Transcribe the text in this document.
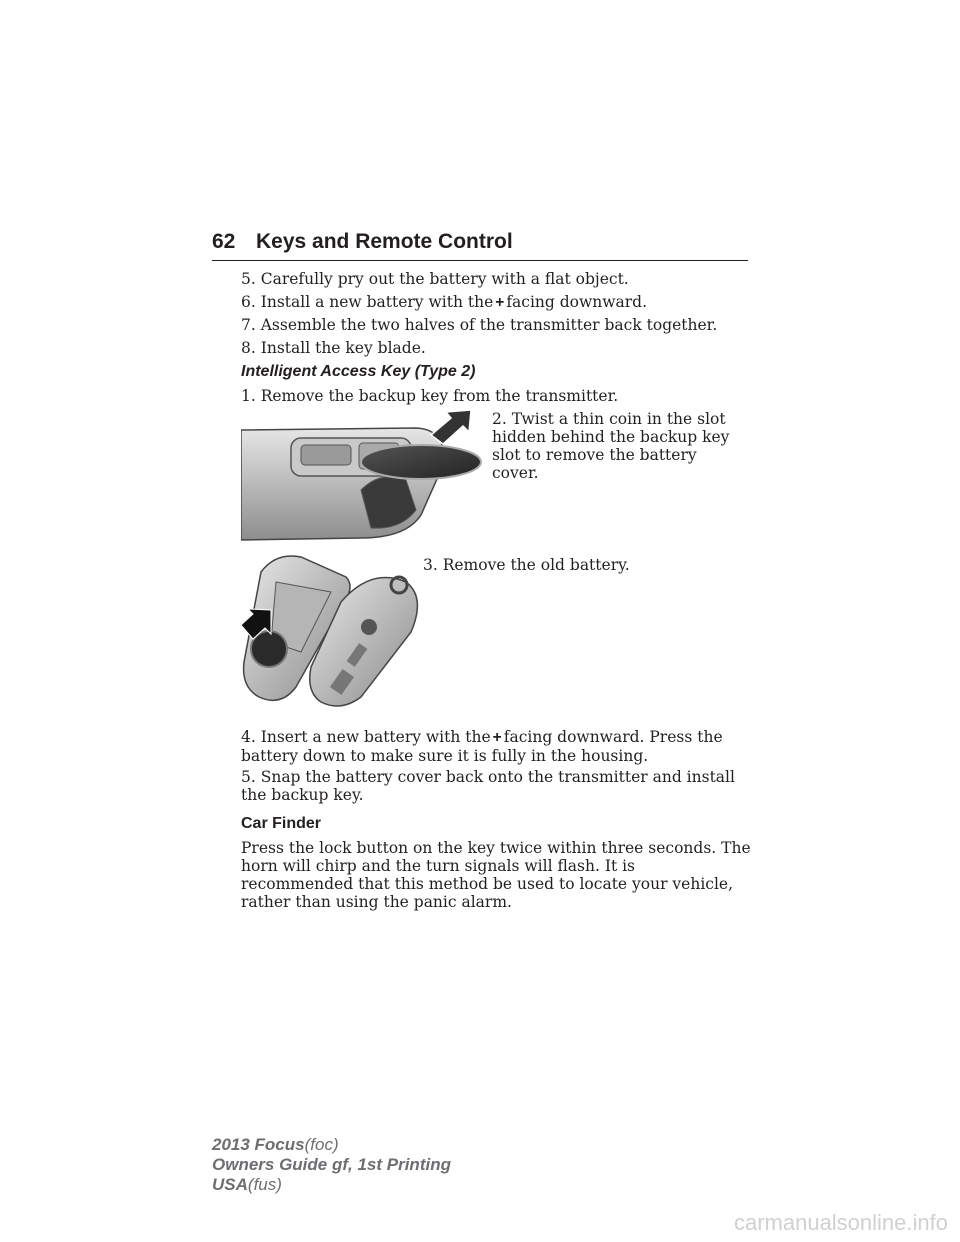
62 Keys and Remote Control
5. Carefully pry out the battery with a flat object.
6. Install a new battery with the + facing downward.
7. Assemble the two halves of the transmitter back together.
8. Install the key blade.
Intelligent Access Key (Type 2)
1. Remove the backup key from the transmitter.
2. Twist a thin coin in the slot hidden behind the backup key slot to remove the battery cover.
3. Remove the old battery.
4. Insert a new battery with the + facing downward. Press the battery down to make sure it is fully in the housing.
5. Snap the battery cover back onto the transmitter and install the backup key.
Car Finder
Press the lock button on the key twice within three seconds. The horn will chirp and the turn signals will flash. It is recommended that this method be used to locate your vehicle, rather than using the panic alarm.
2013 Focus(foc)
Owners Guide gf, 1st Printing
USA(fus)
carmanualsonline.info
